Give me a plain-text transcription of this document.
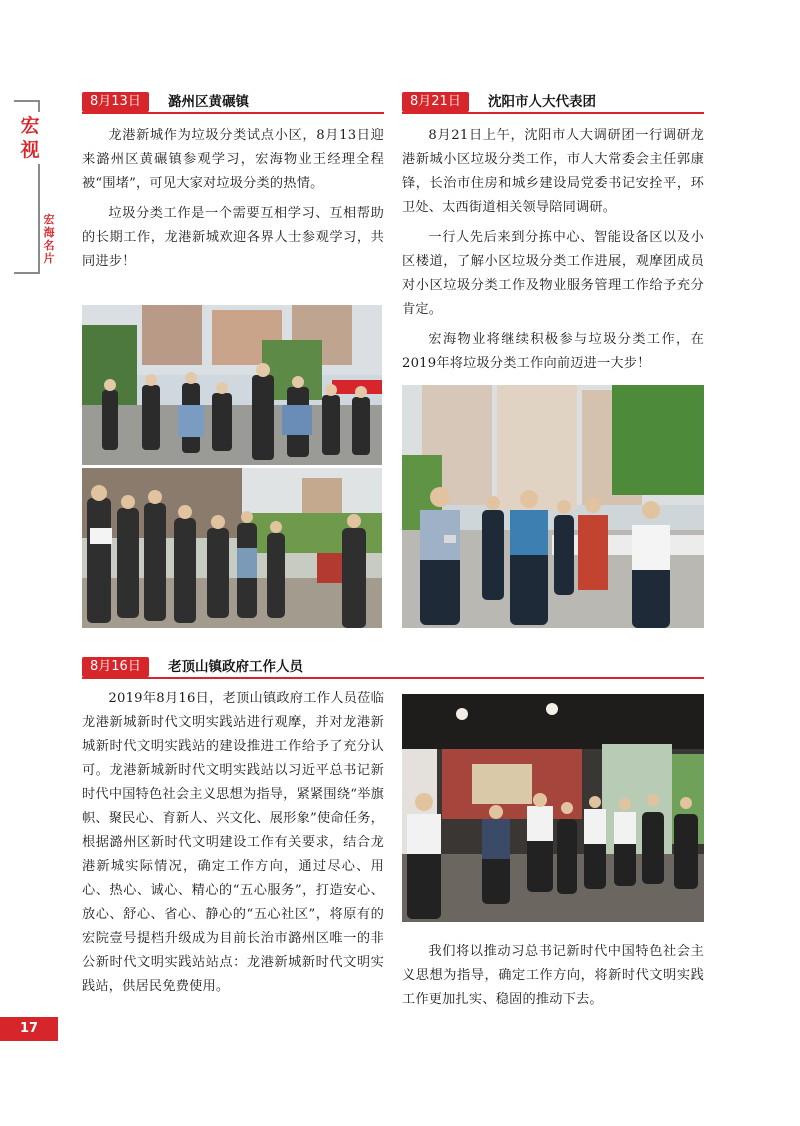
宏视
宏海名片
8月13日	潞州区黄碾镇

龙港新城作为垃圾分类试点小区，8月13日迎来潞州区黄碾镇参观学习，宏海物业王经理全程被“围堵”，可见大家对垃圾分类的热情。

垃圾分类工作是一个需要互相学习、互相帮助的长期工作，龙港新城欢迎各界人士参观学习，共同进步！

8月21日	沈阳市人大代表团

8月21日上午，沈阳市人大调研团一行调研龙港新城小区垃圾分类工作，市人大常委会主任郭康锋，长治市住房和城乡建设局党委书记安拴平，环卫处、太西街道相关领导陪同调研。

一行人先后来到分拣中心、智能设备区以及小区楼道，了解小区垃圾分类工作进展，观摩团成员对小区垃圾分类工作及物业服务管理工作给予充分肯定。

宏海物业将继续积极参与垃圾分类工作，在2019年将垃圾分类工作向前迈进一大步！

8月16日	老顶山镇政府工作人员

2019年8月16日，老顶山镇政府工作人员莅临龙港新城新时代文明实践站进行观摩，并对龙港新城新时代文明实践站的建设推进工作给予了充分认可。龙港新城新时代文明实践站以习近平总书记新时代中国特色社会主义思想为指导，紧紧围绕“举旗帜、聚民心、育新人、兴文化、展形象”使命任务，根据潞州区新时代文明建设工作有关要求，结合龙港新城实际情况，确定工作方向，通过尽心、用心、热心、诚心、精心的“五心服务”，打造安心、放心、舒心、省心、静心的“五心社区”，将原有的宏院壹号提档升级成为目前长治市潞州区唯一的非公新时代文明实践站站点：龙港新城新时代文明实践站，供居民免费使用。

我们将以推动习总书记新时代中国特色社会主义思想为指导，确定工作方向，将新时代文明实践工作更加扎实、稳固的推动下去。

17
